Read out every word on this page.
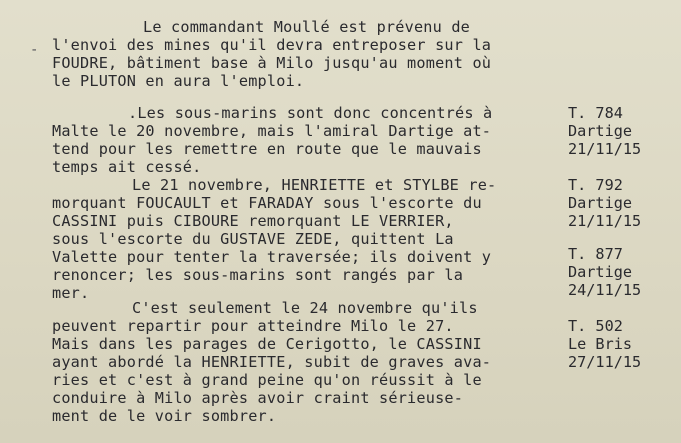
Le commandant Moullé est prévenu de
- l'envoi des mines qu'il devra entreposer sur la
FOUDRE, bâtiment base à Milo jusqu'au moment où
le PLUTON en aura l'emploi.
.Les sous-marins sont donc concentrés à
Malte le 20 novembre, mais l'amiral Dartige at-
tend pour les remettre en route que le mauvais
temps ait cessé.
Le 21 novembre, HENRIETTE et STYLBE re-
morquant FOUCAULT et FARADAY sous l'escorte du
CASSINI puis CIBOURE remorquant LE VERRIER,
sous l'escorte du GUSTAVE ZEDE, quittent La
Valette pour tenter la traversée; ils doivent y
renoncer; les sous-marins sont rangés par la
mer.
C'est seulement le 24 novembre qu'ils
peuvent repartir pour atteindre Milo le 27.
Mais dans les parages de Cerigotto, le CASSINI
ayant abordé la HENRIETTE, subit de graves ava-
ries et c'est à grand peine qu'on réussit à le
conduire à Milo après avoir craint sérieuse-
ment de le voir sombrer.
T. 784
Dartige
21/11/15
T. 792
Dartige
21/11/15
T. 877
Dartige
24/11/15
T. 502
Le Bris
27/11/15
